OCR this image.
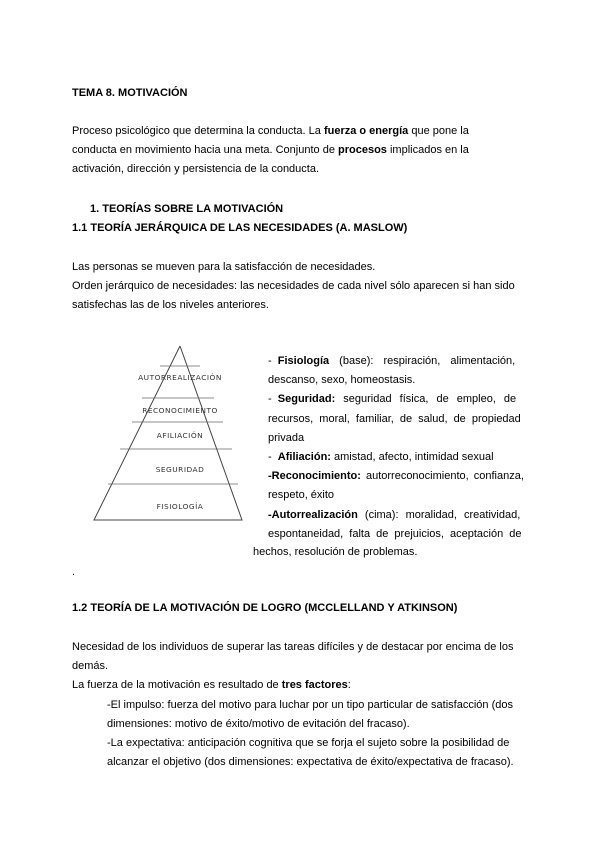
TEMA 8. MOTIVACIÓN
Proceso psicológico que determina la conducta. La fuerza o energía que pone la
conducta en movimiento hacia una meta. Conjunto de procesos implicados en la
activación, dirección y persistencia de la conducta.
1. TEORÍAS SOBRE LA MOTIVACIÓN
1.1 TEORÍA JERÁRQUICA DE LAS NECESIDADES (A. MASLOW)
Las personas se mueven para la satisfacción de necesidades.
Orden jerárquico de necesidades: las necesidades de cada nivel sólo aparecen si han sido
satisfechas las de los niveles anteriores.
AUTORREALIZACIÓN
RECONOCIMIENTO
AFILIACIÓN
SEGURIDAD
FISIOLOGÍA
-  Fisiología (base): respiración, alimentación,
descanso, sexo, homeostasis.
-  Seguridad: seguridad física, de empleo, de
recursos, moral, familiar, de salud, de propiedad
privada
-  Afiliación: amistad, afecto, intimidad sexual
-Reconocimiento: autorreconocimiento, confianza,
respeto, éxito
-Autorrealización (cima): moralidad, creatividad,
espontaneidad, falta de prejuicios, aceptación de
hechos, resolución de problemas.
.
1.2 TEORÍA DE LA MOTIVACIÓN DE LOGRO (MCCLELLAND Y ATKINSON)
Necesidad de los individuos de superar las tareas difíciles y de destacar por encima de los
demás.
La fuerza de la motivación es resultado de tres factores:
-El impulso: fuerza del motivo para luchar por un tipo particular de satisfacción (dos
dimensiones: motivo de éxito/motivo de evitación del fracaso).
-La expectativa: anticipación cognitiva que se forja el sujeto sobre la posibilidad de
alcanzar el objetivo (dos dimensiones: expectativa de éxito/expectativa de fracaso).
